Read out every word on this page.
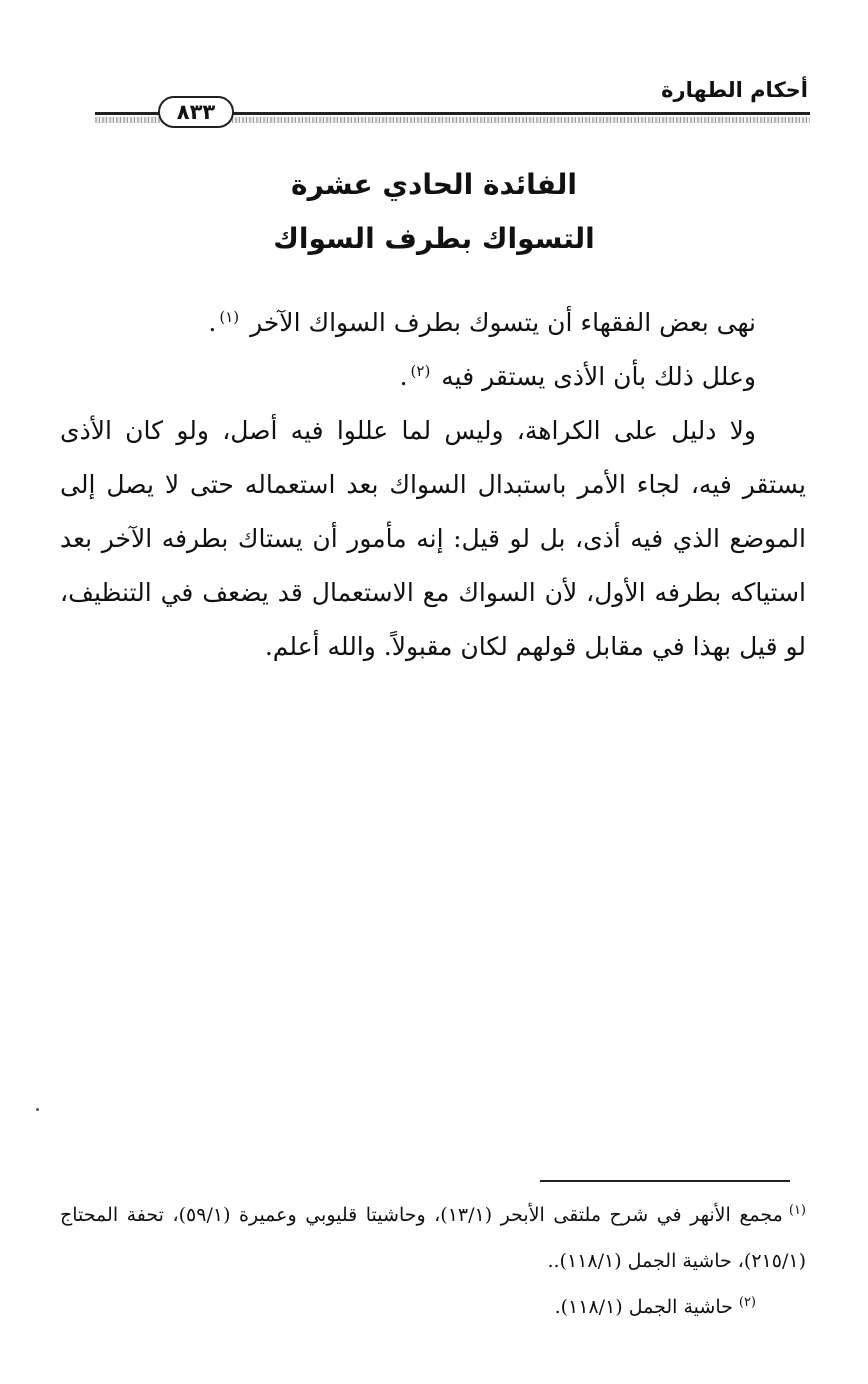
أحكام الطهارة
٨٣٣
الفائدة الحادي عشرة
التسواك بطرف السواك

نهى بعض الفقهاء أن يتسوك بطرف السواك الآخر $^{(١)}$.

وعلل ذلك بأن الأذى يستقر فيه $^{(٢)}$.

ولا دليل على الكراهة، وليس لما عللوا فيه أصل، ولو كان الأذى يستقر فيه، لجاء الأمر باستبدال السواك بعد استعماله حتى لا يصل إلى الموضع الذي فيه أذى، بل لو قيل: إنه مأمور أن يستاك بطرفه الآخر بعد استياكه بطرفه الأول، لأن السواك مع الاستعمال قد يضعف في التنظيف، لو قيل بهذا في مقابل قولهم لكان مقبولاً. والله أعلم.

$^{(١)}$مجمع الأنهر في شرح ملتقى الأبحر (١٣/١)، وحاشيتا قليوبي وعميرة (٥٩/١)، تحفة المحتاج (٢١٥/١)، حاشية الجمل (١١٨/١)..
$^{(٢)}$حاشية الجمل (١١٨/١).
